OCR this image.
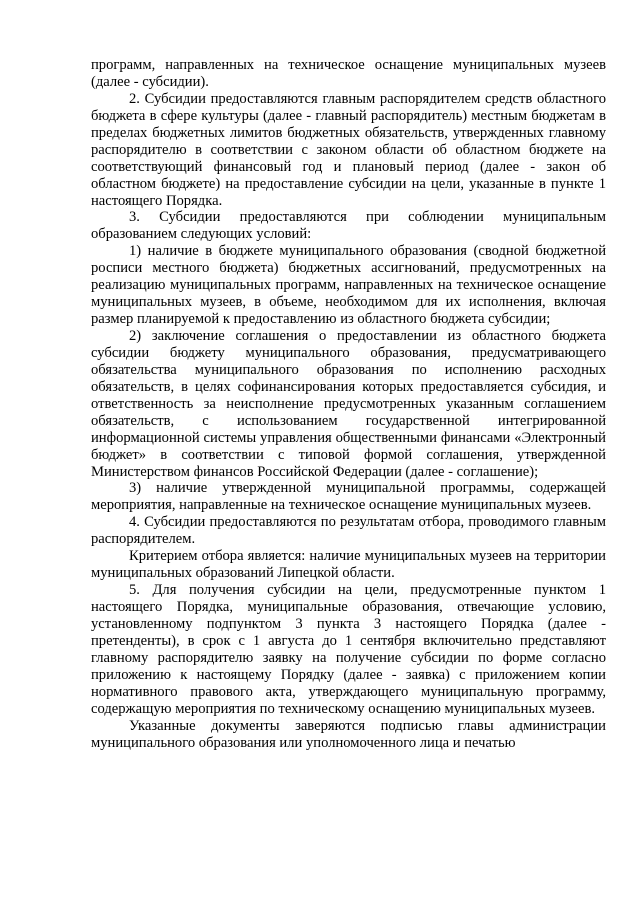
программ, направленных на техническое оснащение муниципальных музеев (далее - субсидии).

2. Субсидии предоставляются главным распорядителем средств областного бюджета в сфере культуры (далее - главный распорядитель) местным бюджетам в пределах бюджетных лимитов бюджетных обязательств, утвержденных главному распорядителю в соответствии с законом области об областном бюджете на соответствующий финансовый год и плановый период (далее - закон об областном бюджете) на предоставление субсидии на цели, указанные в пункте 1 настоящего Порядка.

3. Субсидии предоставляются при соблюдении муниципальным образованием следующих условий:

1) наличие в бюджете муниципального образования (сводной бюджетной росписи местного бюджета) бюджетных ассигнований, предусмотренных на реализацию муниципальных программ, направленных на техническое оснащение муниципальных музеев, в объеме, необходимом для их исполнения, включая размер планируемой к предоставлению из областного бюджета субсидии;

2) заключение соглашения о предоставлении из областного бюджета субсидии бюджету муниципального образования, предусматривающего обязательства муниципального образования по исполнению расходных обязательств, в целях софинансирования которых предоставляется субсидия, и ответственность за неисполнение предусмотренных указанным соглашением обязательств, с использованием государственной интегрированной информационной системы управления общественными финансами «Электронный бюджет» в соответствии с типовой формой соглашения, утвержденной Министерством финансов Российской Федерации (далее - соглашение);

3) наличие утвержденной муниципальной программы, содержащей мероприятия, направленные на техническое оснащение муниципальных музеев.

4. Субсидии предоставляются по результатам отбора, проводимого главным распорядителем.

Критерием отбора является: наличие муниципальных музеев на территории муниципальных образований Липецкой области.

5. Для получения субсидии на цели, предусмотренные пунктом 1 настоящего Порядка, муниципальные образования, отвечающие условию, установленному подпунктом 3 пункта 3 настоящего Порядка (далее - претенденты), в срок с 1 августа до 1 сентября включительно представляют главному распорядителю заявку на получение субсидии по форме согласно приложению к настоящему Порядку (далее - заявка) с приложением копии нормативного правового акта, утверждающего муниципальную программу, содержащую мероприятия по техническому оснащению муниципальных музеев.

Указанные документы заверяются подписью главы администрации муниципального образования или уполномоченного лица и печатью
